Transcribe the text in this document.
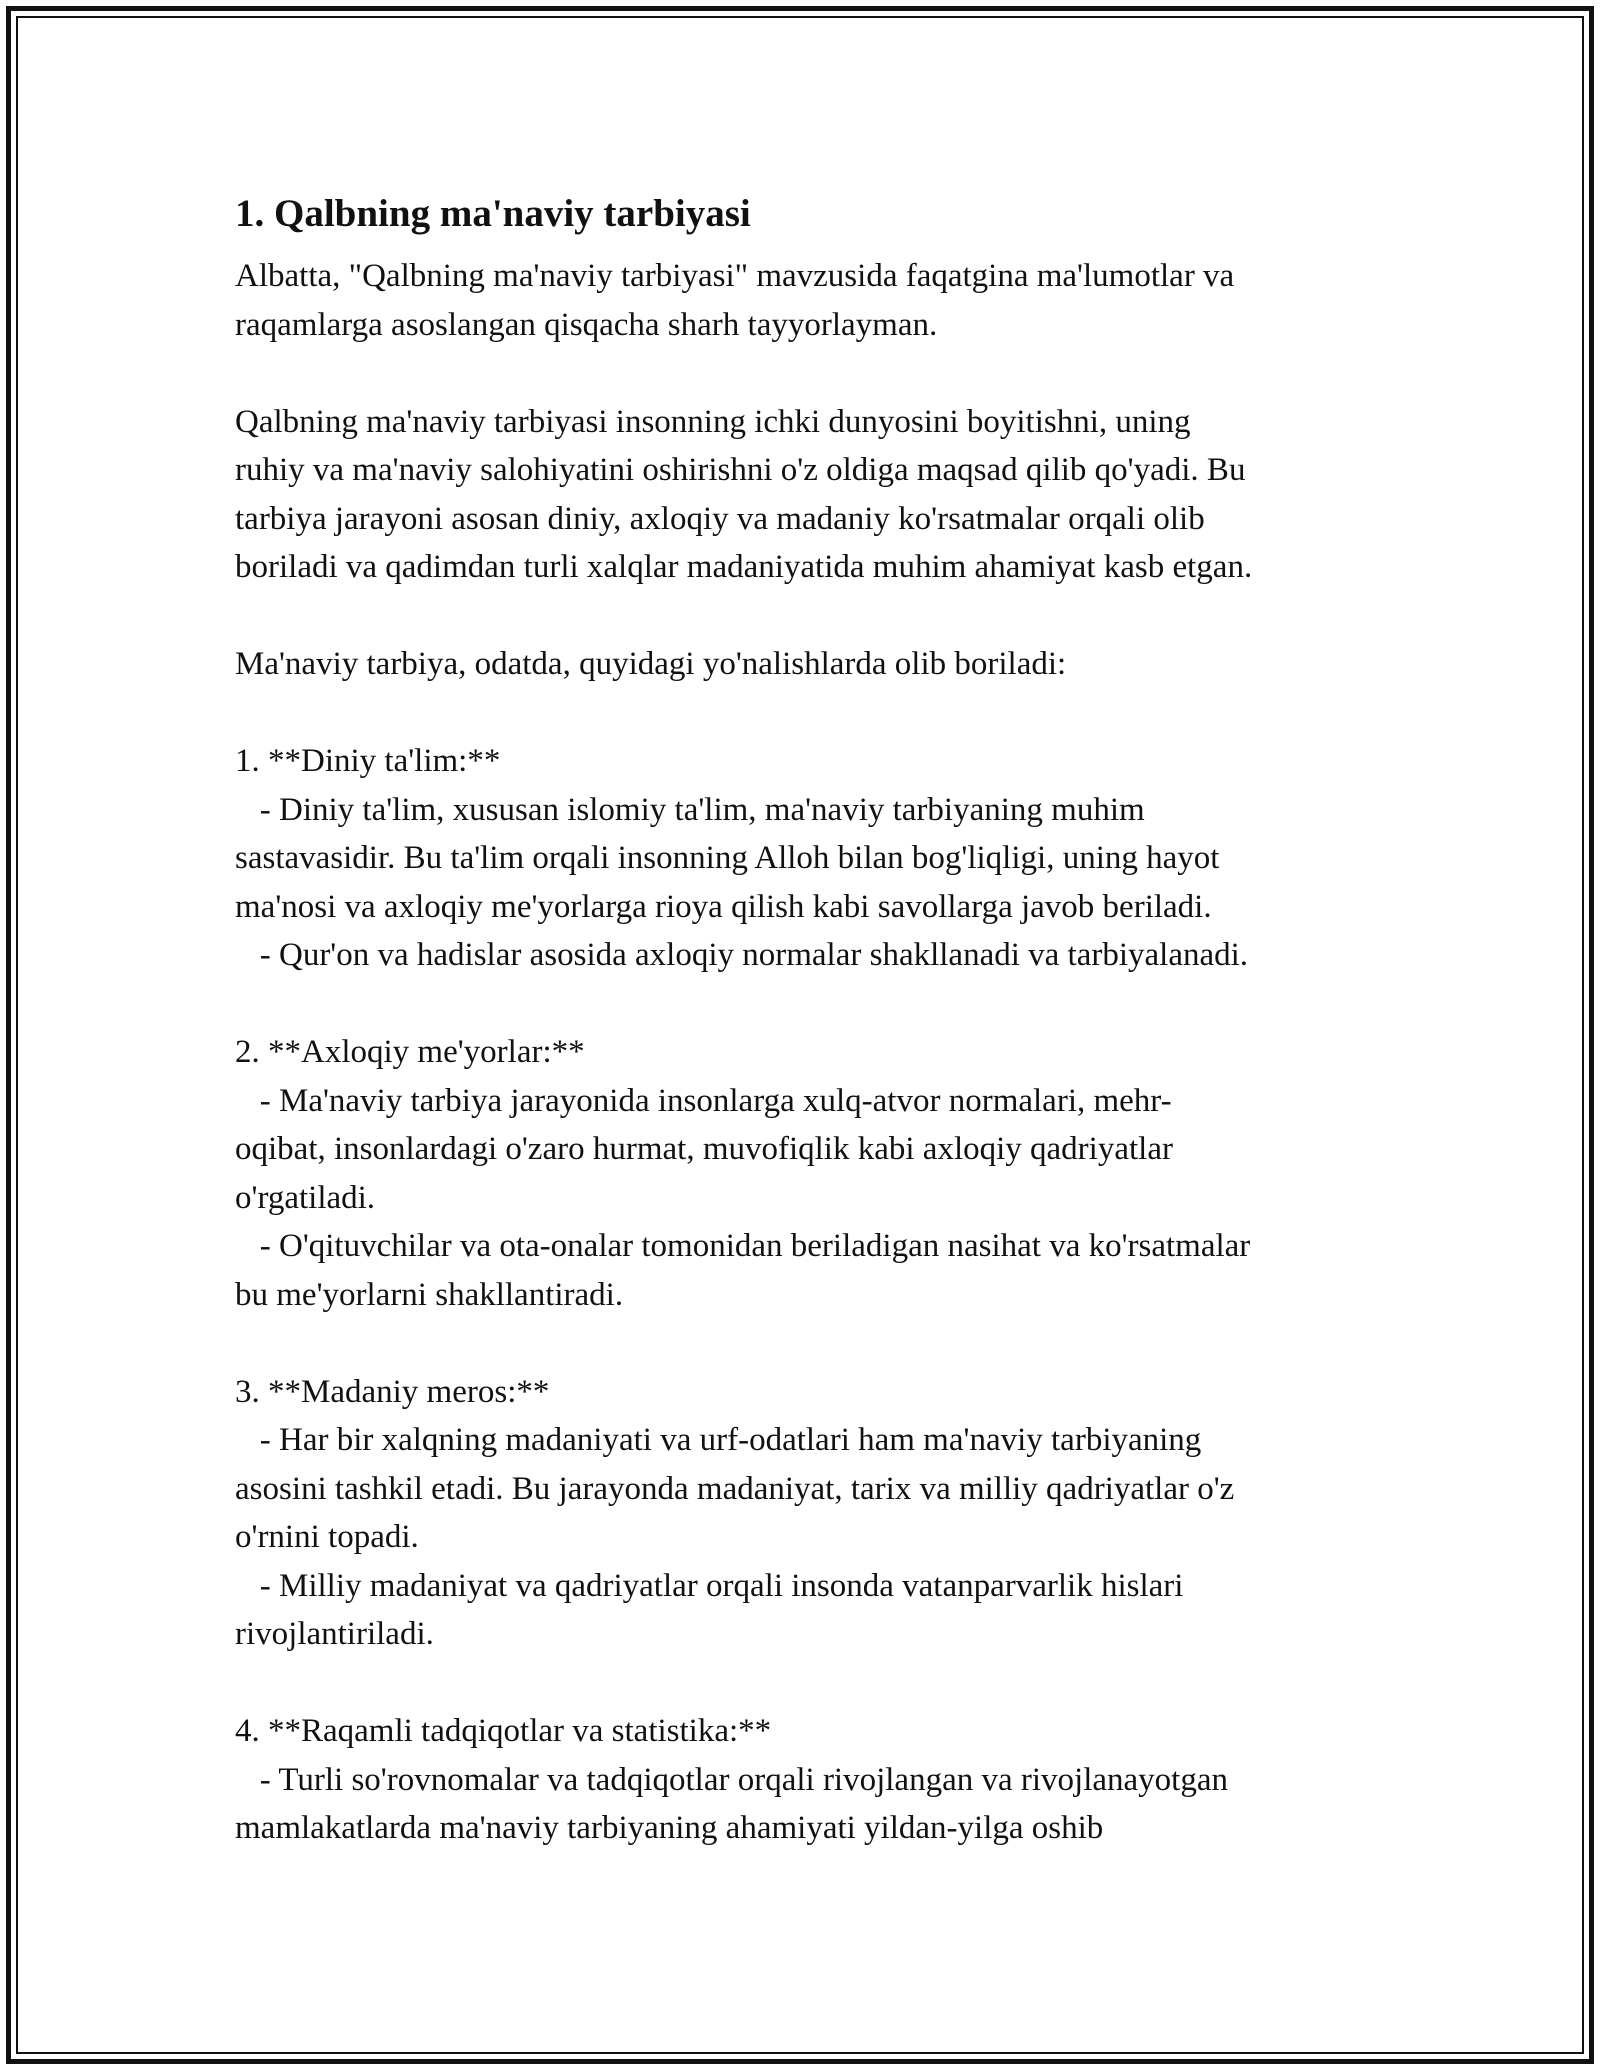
1. Qalbning ma'naviy tarbiyasi

Albatta, "Qalbning ma'naviy tarbiyasi" mavzusida faqatgina ma'lumotlar va
raqamlarga asoslangan qisqacha sharh tayyorlayman.

Qalbning ma'naviy tarbiyasi insonning ichki dunyosini boyitishni, uning
ruhiy va ma'naviy salohiyatini oshirishni o'z oldiga maqsad qilib qo'yadi. Bu
tarbiya jarayoni asosan diniy, axloqiy va madaniy ko'rsatmalar orqali olib
boriladi va qadimdan turli xalqlar madaniyatida muhim ahamiyat kasb etgan.

Ma'naviy tarbiya, odatda, quyidagi yo'nalishlarda olib boriladi:

1. **Diniy ta'lim:**

- Diniy ta'lim, xususan islomiy ta'lim, ma'naviy tarbiyaning muhim
sastavasidir. Bu ta'lim orqali insonning Alloh bilan bog'liqligi, uning hayot
ma'nosi va axloqiy me'yorlarga rioya qilish kabi savollarga javob beriladi.

- Qur'on va hadislar asosida axloqiy normalar shakllanadi va tarbiyalanadi.

2. **Axloqiy me'yorlar:**

- Ma'naviy tarbiya jarayonida insonlarga xulq-atvor normalari, mehr-
oqibat, insonlardagi o'zaro hurmat, muvofiqlik kabi axloqiy qadriyatlar
o'rgatiladi.

- O'qituvchilar va ota-onalar tomonidan beriladigan nasihat va ko'rsatmalar
bu me'yorlarni shakllantiradi.

3. **Madaniy meros:**

- Har bir xalqning madaniyati va urf-odatlari ham ma'naviy tarbiyaning
asosini tashkil etadi. Bu jarayonda madaniyat, tarix va milliy qadriyatlar o'z
o'rnini topadi.

- Milliy madaniyat va qadriyatlar orqali insonda vatanparvarlik hislari
rivojlantiriladi.

4. **Raqamli tadqiqotlar va statistika:**

- Turli so'rovnomalar va tadqiqotlar orqali rivojlangan va rivojlanayotgan
mamlakatlarda ma'naviy tarbiyaning ahamiyati yildan-yilga oshib
